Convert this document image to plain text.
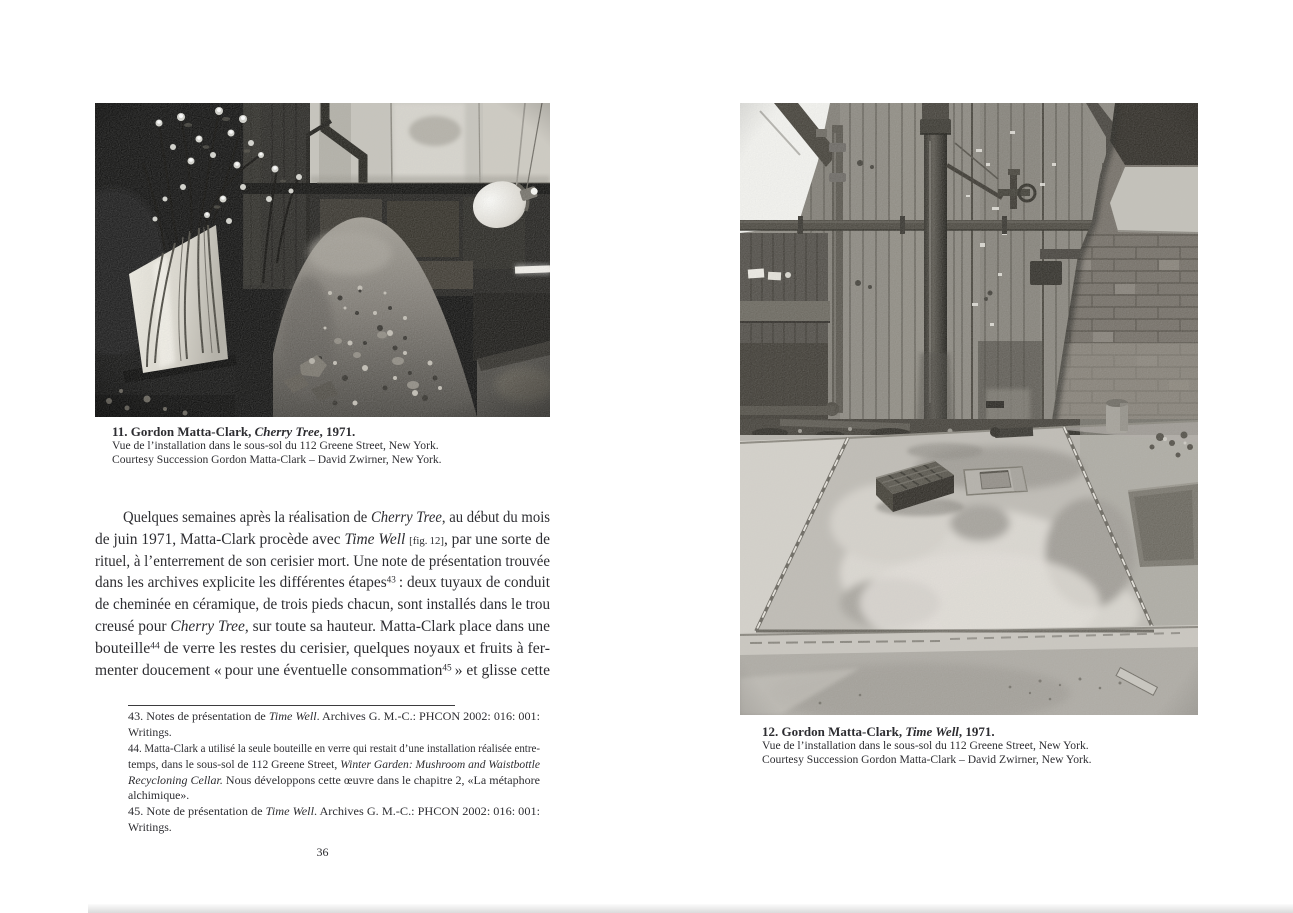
11. Gordon Matta-Clark, Cherry Tree, 1971.
Vue de l’installation dans le sous-sol du 112 Greene Street, New York.
Courtesy Succession Gordon Matta-Clark – David Zwirner, New York.
Quelques semaines après la réalisation de Cherry Tree, au début du mois
de juin 1971, Matta-Clark procède avec Time Well [fig. 12], par une sorte de
rituel, à l’enterrement de son cerisier mort. Une note de présentation trouvée
dans les archives explicite les différentes étapes$^{43}$ : deux tuyaux de conduit
de cheminée en céramique, de trois pieds chacun, sont installés dans le trou
creusé pour Cherry Tree, sur toute sa hauteur. Matta-Clark place dans une
bouteille$^{44}$ de verre les restes du cerisier, quelques noyaux et fruits à fer-
menter doucement « pour une éventuelle consommation$^{45}$ » et glisse cette
43. Notes de présentation de Time Well. Archives G. M.-C.: PHCON 2002: 016: 001:
Writings.
44. Matta-Clark a utilisé la seule bouteille en verre qui restait d’une installation réalisée entre-
temps, dans le sous-sol de 112 Greene Street, Winter Garden: Mushroom and Waistbottle
Recycloning Cellar. Nous développons cette œuvre dans le chapitre 2, «La métaphore
alchimique».
45. Note de présentation de Time Well. Archives G. M.-C.: PHCON 2002: 016: 001:
Writings.
36
12. Gordon Matta-Clark, Time Well, 1971.
Vue de l’installation dans le sous-sol du 112 Greene Street, New York.
Courtesy Succession Gordon Matta-Clark – David Zwirner, New York.
